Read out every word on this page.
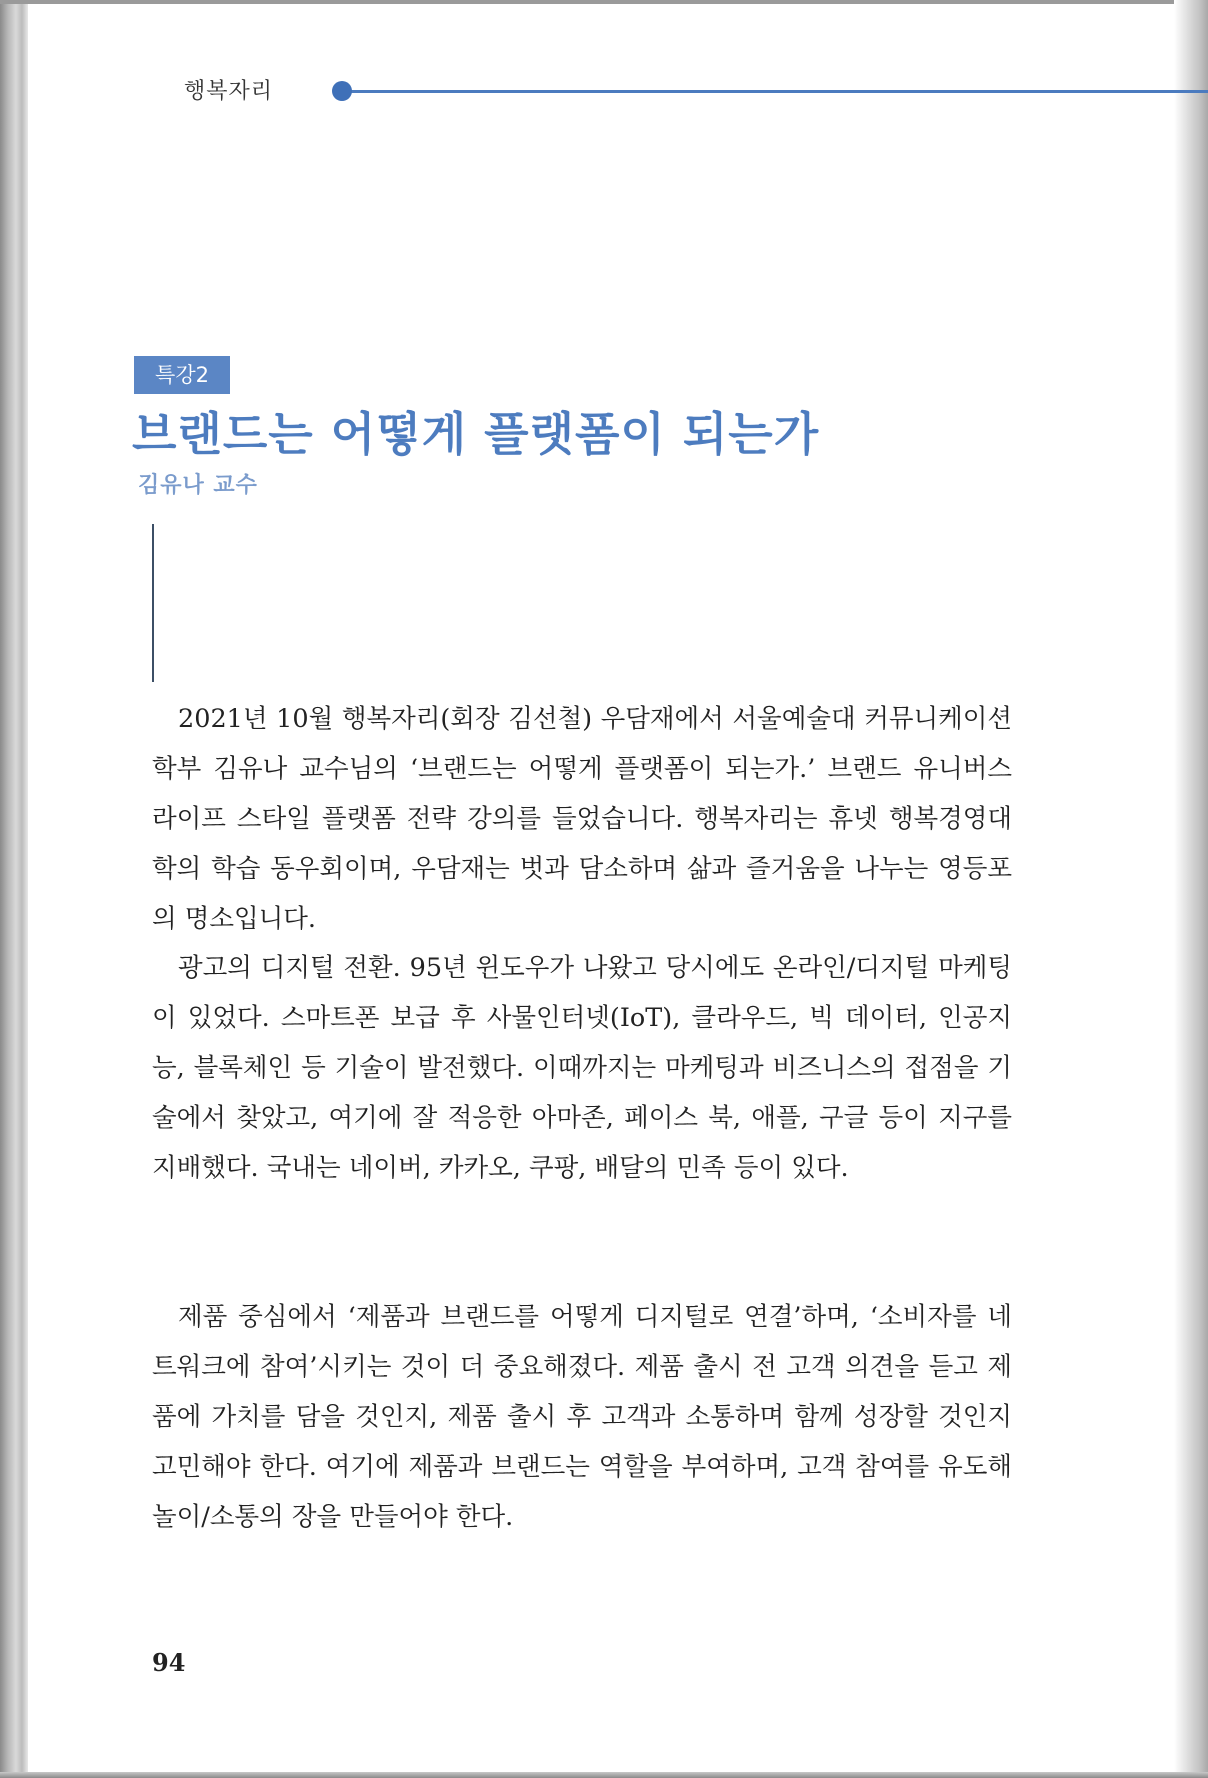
행복자리
특강2
브랜드는 어떻게 플랫폼이 되는가
김유나 교수

2021년 10월 행복자리(회장 김선철) 우담재에서 서울예술대 커뮤니케이션 학부 김유나 교수님의 ‘브랜드는 어떻게 플랫폼이 되는가.’ 브랜드 유니버스 라이프 스타일 플랫폼 전략 강의를 들었습니다. 행복자리는 휴넷 행복경영대학의 학습 동우회이며, 우담재는 벗과 담소하며 삶과 즐거움을 나누는 영등포의 명소입니다.

광고의 디지털 전환. 95년 윈도우가 나왔고 당시에도 온라인/디지털 마케팅이 있었다. 스마트폰 보급 후 사물인터넷(IoT), 클라우드, 빅 데이터, 인공지능, 블록체인 등 기술이 발전했다. 이때까지는 마케팅과 비즈니스의 접점을 기술에서 찾았고, 여기에 잘 적응한 아마존, 페이스 북, 애플, 구글 등이 지구를 지배했다. 국내는 네이버, 카카오, 쿠팡, 배달의 민족 등이 있다.

제품 중심에서 ‘제품과 브랜드를 어떻게 디지털로 연결’하며, ‘소비자를 네트워크에 참여’시키는 것이 더 중요해졌다. 제품 출시 전 고객 의견을 듣고 제품에 가치를 담을 것인지, 제품 출시 후 고객과 소통하며 함께 성장할 것인지 고민해야 한다. 여기에 제품과 브랜드는 역할을 부여하며, 고객 참여를 유도해 놀이/소통의 장을 만들어야 한다.

94
